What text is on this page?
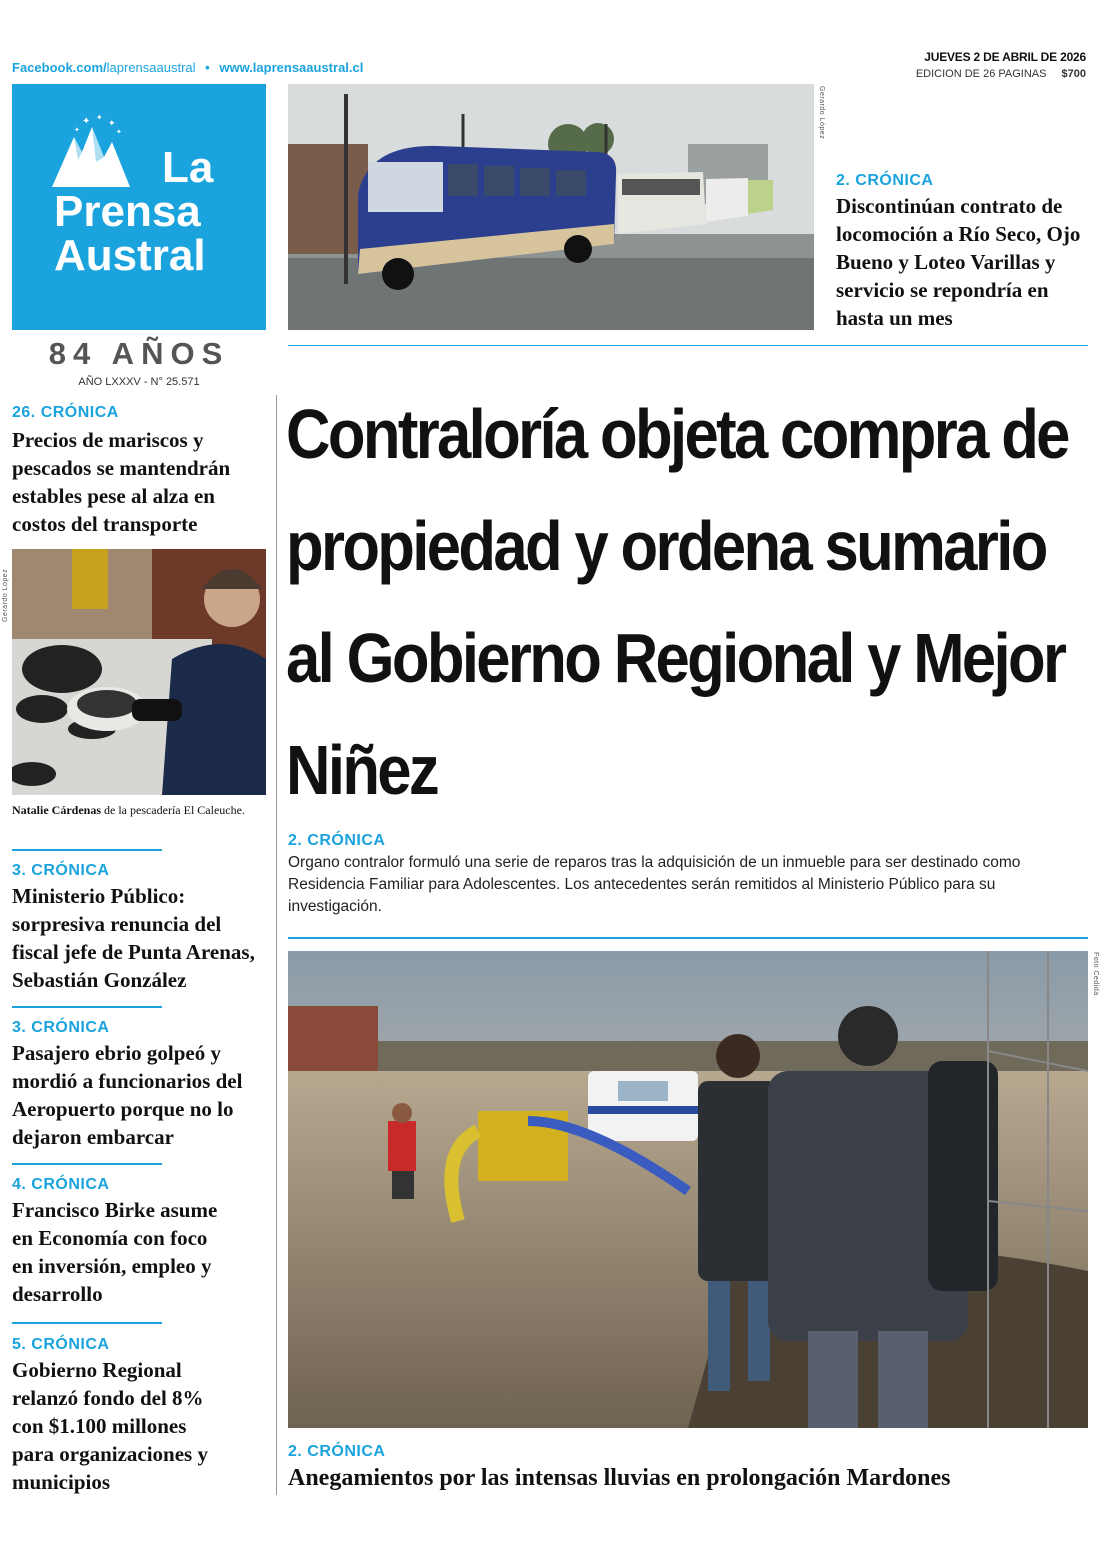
Facebook.com/laprensaaustral • www.laprensaaustral.cl
JUEVES 2 DE ABRIL DE 2026
EDICION DE 26 PAGINAS $700
✦ ✦
✦
✦	✦
La
Prensa
Austral
84 AÑOS
AÑO LXXXV - N° 25.571
26. CRÓNICA

Precios de mariscos y pescados se mantendrán estables pese al alza en costos del transporte

Gerardo López
Natalie Cárdenas de la pescadería El Caleuche.
3. CRÓNICA

Ministerio Público: sorpresiva renuncia del fiscal jefe de Punta Arenas, Sebastián González

3. CRÓNICA

Pasajero ebrio golpeó y mordió a funcionarios del Aeropuerto porque no lo dejaron embarcar

4. CRÓNICA

Francisco Birke asume en Economía con foco en inversión, empleo y desarrollo

5. CRÓNICA

Gobierno Regional relanzó fondo del 8% con $1.100 millones para organizaciones y municipios

Gerardo López
2. CRÓNICA

Discontinúan contrato de locomoción a Río Seco, Ojo Bueno y Loteo Varillas y servicio se repondría en hasta un mes

Contraloría objeta compra de propiedad y ordena sumario al Gobierno Regional y Mejor Niñez
2. CRÓNICA

Organo contralor formuló una serie de reparos tras la adquisición de un inmueble para ser destinado como Residencia Familiar para Adolescentes. Los antecedentes serán remitidos al Ministerio Público para su investigación.

Foto Cedida
2. CRÓNICA

Anegamientos por las intensas lluvias en prolongación Mardones
